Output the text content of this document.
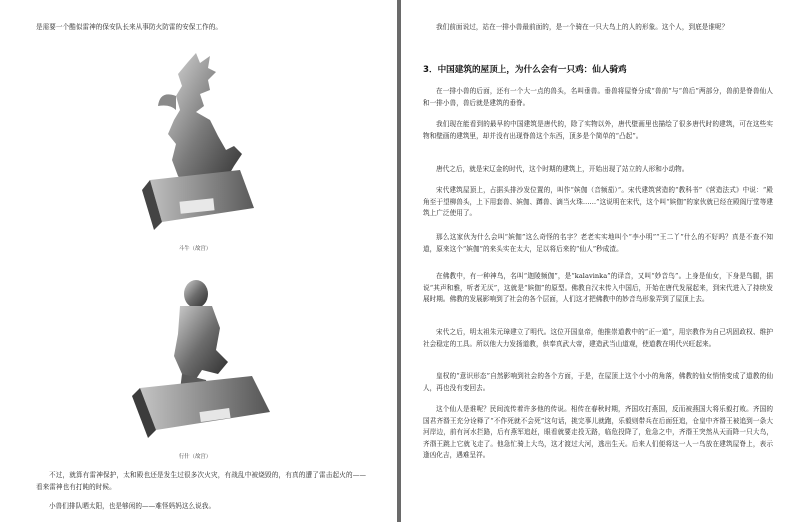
是需要一个酷似雷神的保安队长来从事防火防雷的安保工作的。
斗牛（故宫）
行什（故宫）
不过，就算有雷神保护，太和殿也还是发生过很多次火灾，有战乱中被烧毁的，有真的遭了雷击起火的——看来雷神也有打盹的时候。
小兽们排队晒太阳，也是够闲的——难怪妈妈这么说我。
我们前面说过，站在一排小兽最前面的，是一个骑在一只大鸟上的人的形象。这个人，到底是谁呢？
3．中国建筑的屋顶上，为什么会有一只鸡：仙人骑鸡
在一排小兽的后面，还有一个大一点的兽头，名叫垂兽。垂兽将屋脊分成“兽前”与“兽后”两部分，兽前是脊兽仙人和一排小兽，兽后就是建筑的垂脊。
我们现在能看到的最早的中国建筑是唐代的，除了实物以外，唐代壁画里也描绘了很多唐代时的建筑，可在这些实物和壁画的建筑里，却并没有出现脊兽这个东西，顶多是个简单的“凸起”。
唐代之后，就是宋辽金的时代，这个时期的建筑上，开始出现了站立的人形和小动物。
宋代建筑屋顶上，占据头排沙发位置的，叫作“嫔伽（音频茄）”。宋代建筑营造的“教科书”《营造法式》中说：“殿角至于望柳兽头，上下用套兽、嫔伽、蹲兽、滴当火珠……”这说明在宋代，这个叫“嫔伽”的家伙就已经在殿阁厅堂等建筑上广泛使用了。
那么这家伙为什么会叫“嫔伽”这么奇怪的名字？老老实实地叫个“李小明”“王二丫”什么的不好吗？真是不查不知道，原来这个“嫔伽”的来头实在太大，足以将后来的“仙人”秒成渣。
在佛教中，有一种神鸟，名叫“迦陵频伽”，是“kalavinka”的译音，又叫“妙音鸟”。上身是仙女，下身是鸟腿，据说“其声和雅，听者无厌”，这就是“嫔伽”的原型。佛教自汉末传入中国后，开始在唐代发展起来，到宋代进入了持续发展时期。佛教的发展影响到了社会的各个层面，人们这才把佛教中的妙音鸟形象弄到了屋顶上去。
宋代之后，明太祖朱元璋建立了明代。这位开国皇帝，他推崇道教中的“正一道”，用宗教作为自己巩固政权、维护社会稳定的工具。所以他大力发扬道教，供奉真武大帝，建造武当山道观，使道教在明代兴旺起来。
皇权的“意识形态”自然影响到社会的各个方面，于是，在屋顶上这个小小的角落，佛教的仙女悄悄变成了道教的仙人，再也没有变回去。
这个仙人是谁呢？民间流传着许多他的传说。相传在春秋时期，齐国攻打燕国，反而被燕国大将乐毅打败。齐国的国君齐湣王充分诠释了“不作死就不会死”这句话，挑完事儿就跑，乐毅则带兵在后面狂追，仓皇中齐湣王被追到一条大河岸边，前有河水拦路，后有燕军追赶，眼看就要走投无路，临危投降了，危急之中，齐湣王突然从天而降一只大鸟，齐湣王跳上它就飞走了。他急忙骑上大鸟，这才渡过大河，逃出生天。后来人们便将这一人一鸟放在建筑屋脊上，表示逢凶化吉，遇难呈祥。
